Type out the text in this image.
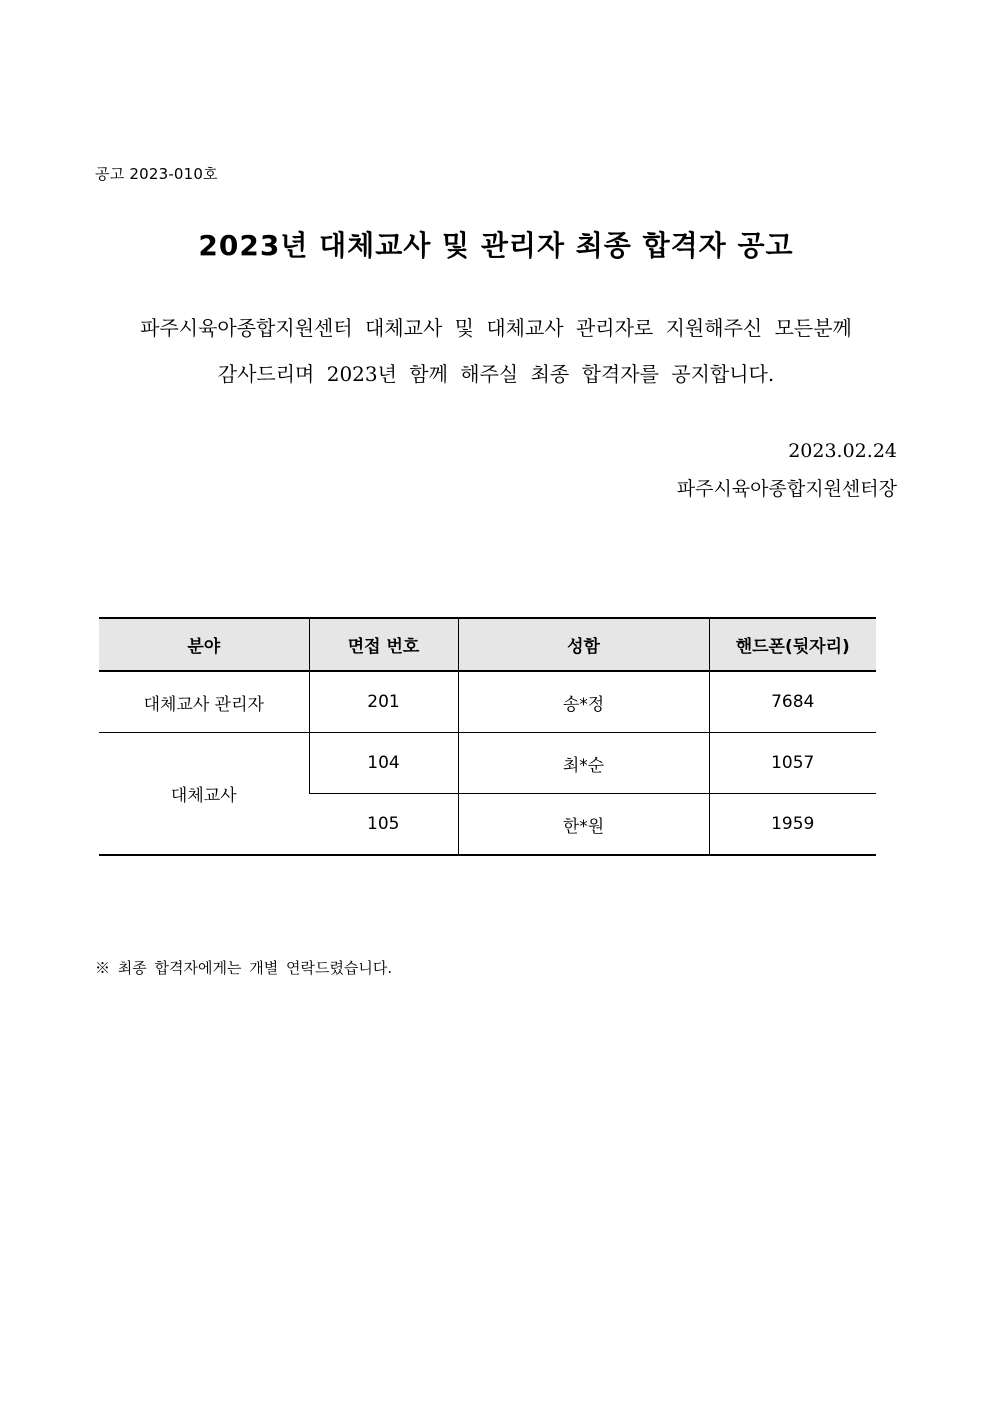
공고 2023-010호
2023년 대체교사 및 관리자 최종 합격자 공고
파주시육아종합지원센터 대체교사 및 대체교사 관리자로 지원해주신 모든분께
감사드리며 2023년 함께 해주실 최종 합격자를 공지합니다.
2023.02.24
파주시육아종합지원센터장
분야	면접 번호	성함	핸드폰(뒷자리)
대체교사 관리자	201	송*정	7684
대체교사	104	최*순	1057
	105	한*원	1959
※ 최종 합격자에게는 개별 연락드렸습니다.
